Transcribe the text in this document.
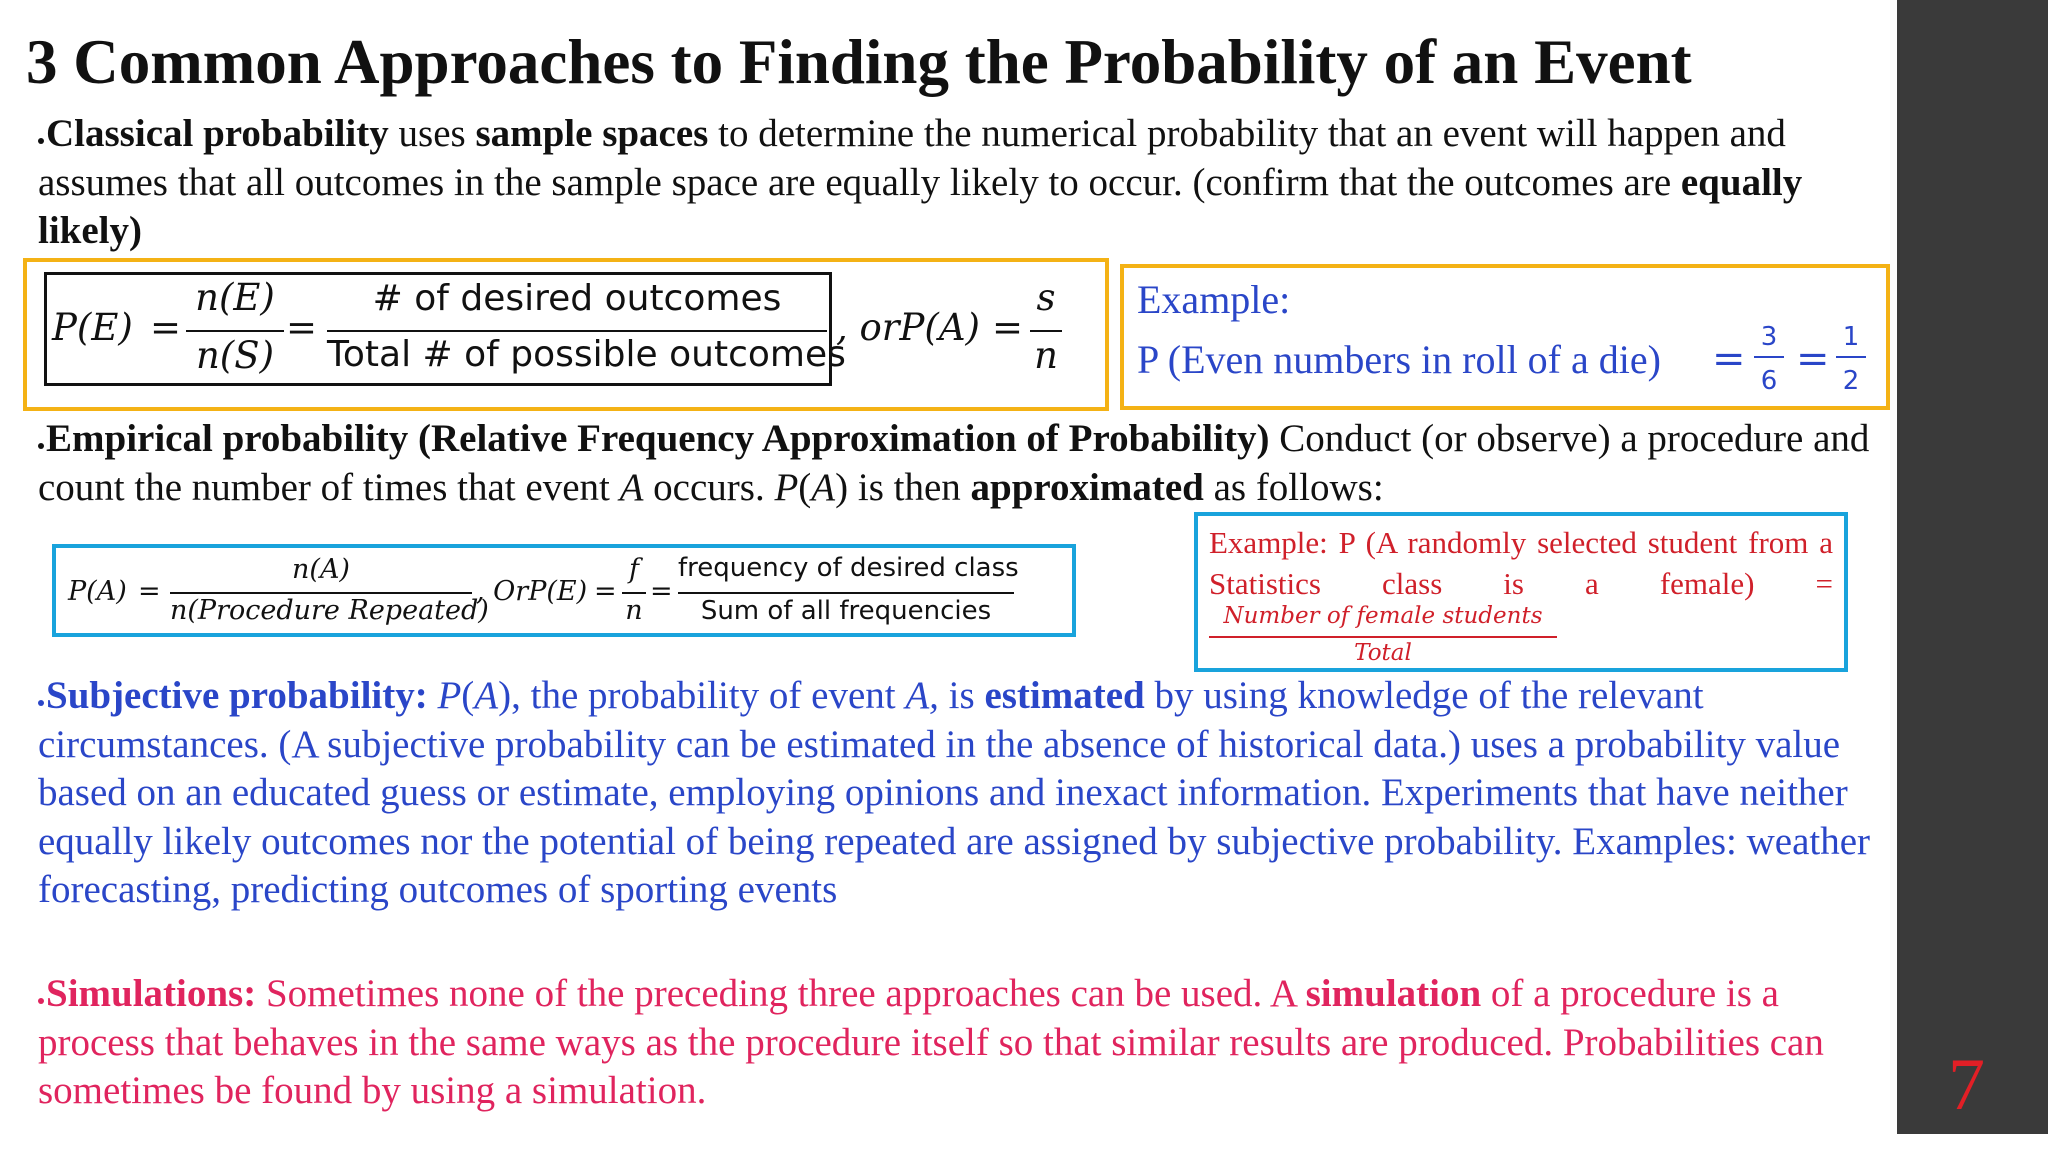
7
3 Common Approaches to Finding the Probability of an Event
Classical probability uses sample spaces to determine the numerical probability that an event will happen and assumes that all outcomes in the sample space are equally likely to occur. (confirm that the outcomes are equally likely)
P(E) =
n(E)
n(S)
=
# of desired outcomes
Total # of possible outcomes
, orP(A) =
s
n
Example:
P (Even numbers in roll of a die) = 3
6 = 1
2
Empirical probability (Relative Frequency Approximation of Probability) Conduct (or observe) a procedure and count the number of times that event A occurs. P(A) is then approximated as follows:
P(A) =
n(A)
n(Procedure Repeated)
, OrP(E) =
f
n
=
frequency of desired class
Sum of all frequencies
Example: P (A randomly selected student from a Statistics class is a female) =
Number of female students
Total
Subjective probability: P(A), the probability of event A, is estimated by using knowledge of the relevant circumstances. (A subjective probability can be estimated in the absence of historical data.) uses a probability value based on an educated guess or estimate, employing opinions and inexact information. Experiments that have neither equally likely outcomes nor the potential of being repeated are assigned by subjective probability. Examples: weather forecasting, predicting outcomes of sporting events
Simulations: Sometimes none of the preceding three approaches can be used. A simulation of a procedure is a process that behaves in the same ways as the procedure itself so that similar results are produced. Probabilities can sometimes be found by using a simulation.
